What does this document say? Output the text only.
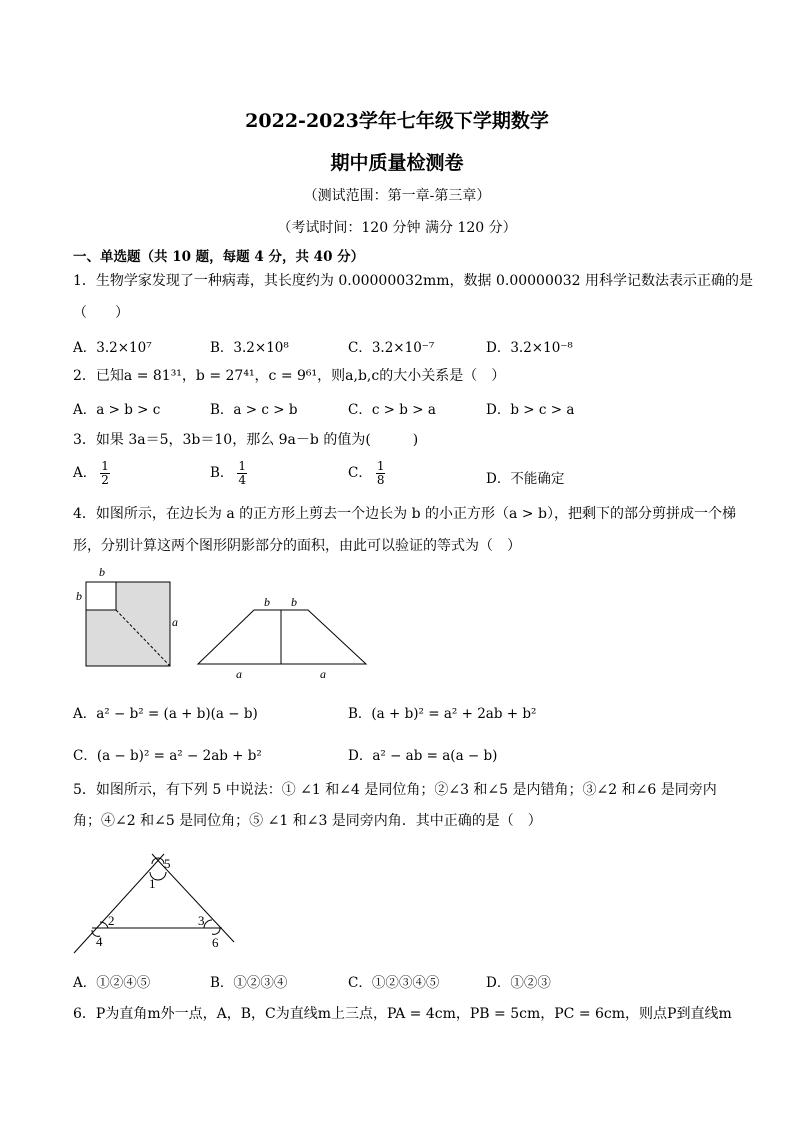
2022-2023学年七年级下学期数学
期中质量检测卷
（测试范围：第一章-第三章）
（考试时间：120 分钟 满分 120 分）
一、单选题（共 10 题，每题 4 分，共 40 分）
1．生物学家发现了一种病毒，其长度约为 0.00000032mm，数据 0.00000032 用科学记数法表示正确的是
（　　）
A．3.2×10⁷	B．3.2×10⁸	C．3.2×10⁻⁷	D．3.2×10⁻⁸
2．已知a = 81³¹，b = 27⁴¹，c = 9⁶¹，则a,b,c的大小关系是（　）
A．a > b > c	B．a > c > b	C．c > b > a	D．b > c > a
3．如果 3a＝5，3b＝10，那么 9a－b 的值为(　　　)
A． $\frac{1}{2}$	B． $\frac{1}{4}$	C． $\frac{1}{8}$	D．不能确定
4．如图所示，在边长为 a 的正方形上剪去一个边长为 b 的小正方形（a > b），把剩下的部分剪拼成一个梯
形，分别计算这两个图形阴影部分的面积，由此可以验证的等式为（　）
b
b
a
b b
a	a
A．a² − b² = (a + b)(a − b)	B．(a + b)² = a² + 2ab + b²
C．(a − b)² = a² − 2ab + b²	D．a² − ab = a(a − b)
5．如图所示，有下列 5 中说法：① ∠1 和∠4 是同位角；②∠3 和∠5 是内错角；③∠2 和∠6 是同旁内
角；④∠2 和∠5 是同位角；⑤ ∠1 和∠3 是同旁内角．其中正确的是（　）
5
1
2	3
4	6
A．①②④⑤	B．①②③④	C．①②③④⑤	D．①②③
6．P为直角m外一点，A，B，C为直线m上三点，PA = 4cm，PB = 5cm，PC = 6cm，则点P到直线m
